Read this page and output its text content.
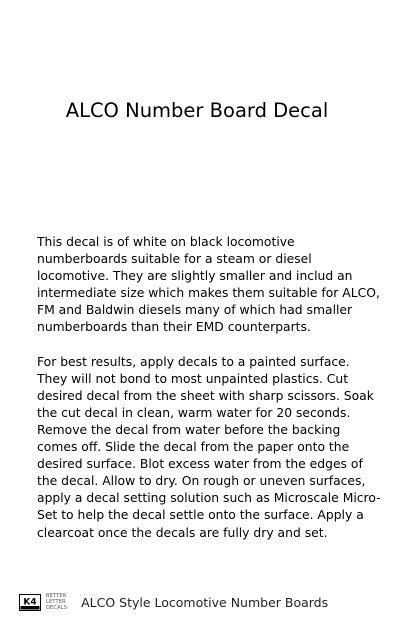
ALCO Number Board Decal

This decal is of white on black locomotive numberboards suitable for a steam or diesel locomotive. They are slightly smaller and includ an intermediate size which makes them suitable for ALCO, FM and Baldwin diesels many of which had smaller numberboards than their EMD counterparts.

For best results, apply decals to a painted surface. They will not bond to most unpainted plastics. Cut desired decal from the sheet with sharp scissors. Soak the cut decal in clean, warm water for 20 seconds. Remove the decal from water before the backing comes off. Slide the decal from the paper onto the desired surface. Blot excess water from the edges of the decal. Allow to dry. On rough or uneven surfaces, apply a decal setting solution such as Microscale Micro-Set to help the decal settle onto the surface. Apply a clearcoat once the decals are fully dry and set.

K4
BETTER
LETTER
DECALS ALCO Style Locomotive Number Boards
